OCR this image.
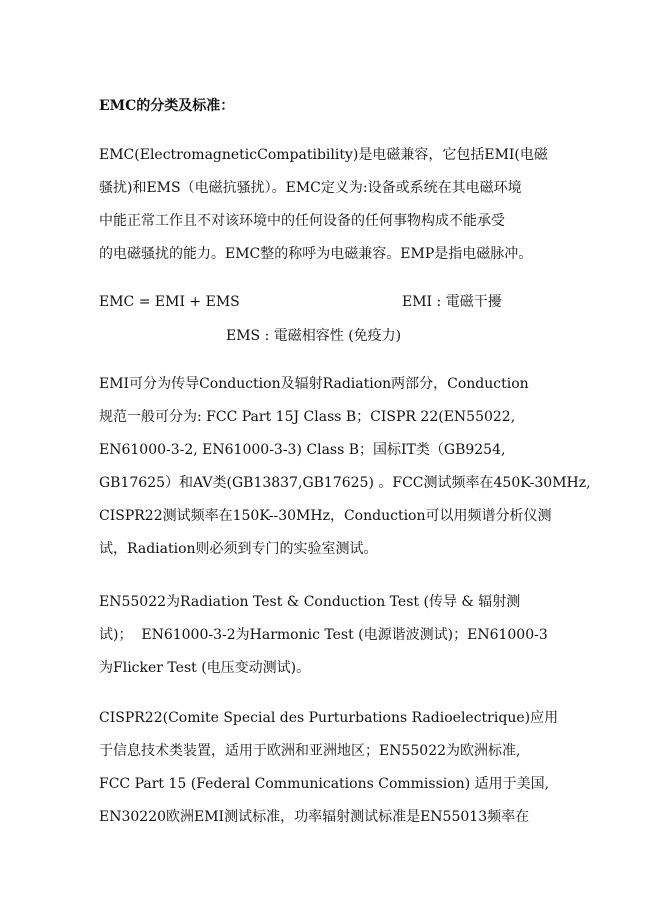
EMC的分类及标准：
EMC(ElectromagneticCompatibility)是电磁兼容，它包括EMI(电磁
骚扰)和EMS（电磁抗骚扰）。EMC定义为:设备或系统在其电磁环境
中能正常工作且不对该环境中的任何设备的任何事物构成不能承受
的电磁骚扰的能力。EMC整的称呼为电磁兼容。EMP是指电磁脉冲。
EMC = EMI + EMS	EMI : 電磁干擾
EMS : 電磁相容性 (免疫力)
EMI可分为传导Conduction及辐射Radiation两部分，Conduction
规范一般可分为: FCC Part 15J Class B；CISPR 22(EN55022,
EN61000-3-2, EN61000-3-3) Class B；国标IT类（GB9254,
GB17625）和AV类(GB13837,GB17625) 。FCC测试频率在450K-30MHz,
CISPR22测试频率在150K--30MHz，Conduction可以用频谱分析仪测
试，Radiation则必须到专门的实验室测试。
EN55022为Radiation Test & Conduction Test (传导 & 辐射测
试)；  EN61000-3-2为Harmonic Test (电源谐波测试)；EN61000-3
为Flicker Test (电压变动测试)。
CISPR22(Comite Special des Purturbations Radioelectrique)应用
于信息技术类装置，适用于欧洲和亚洲地区；EN55022为欧洲标准,
FCC Part 15 (Federal Communications Commission) 适用于美国,
EN30220欧洲EMI测试标准，功率辐射测试标准是EN55013频率在
